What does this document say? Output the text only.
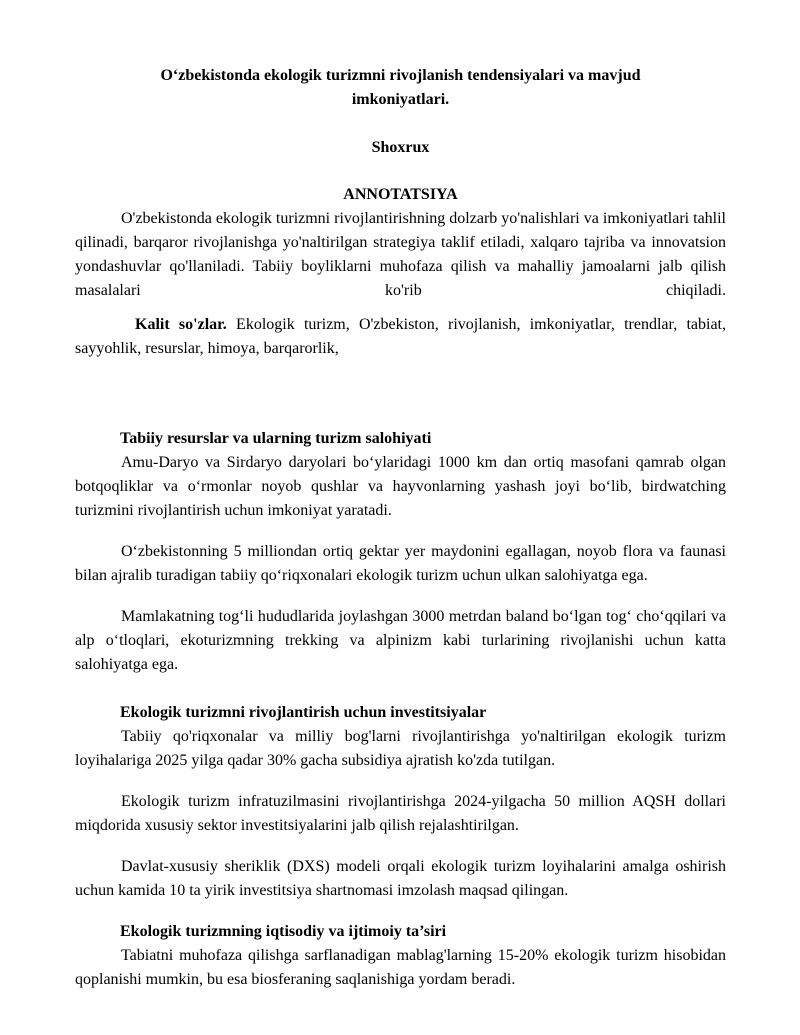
O‘zbekistonda ekologik turizmni rivojlanish tendensiyalari va mavjud imkoniyatlari.
Shoxrux
ANNOTATSIYA

O'zbekistonda ekologik turizmni rivojlantirishning dolzarb yo'nalishlari va imkoniyatlari tahlil qilinadi, barqaror rivojlanishga yo'naltirilgan strategiya taklif etiladi, xalqaro tajriba va innovatsion yondashuvlar qo'llaniladi. Tabiiy boyliklarni muhofaza qilish va mahalliy jamoalarni jalb qilish masalalari ko'rib chiqiladi.

Kalit so'zlar. Ekologik turizm, O'zbekiston, rivojlanish, imkoniyatlar, trendlar, tabiat, sayyohlik, resurslar, himoya, barqarorlik,

Tabiiy resurslar va ularning turizm salohiyati

Amu-Daryo va Sirdaryo daryolari bo‘ylaridagi 1000 km dan ortiq masofani qamrab olgan botqoqliklar va o‘rmonlar noyob qushlar va hayvonlarning yashash joyi bo‘lib, birdwatching turizmini rivojlantirish uchun imkoniyat yaratadi.

O‘zbekistonning 5 milliondan ortiq gektar yer maydonini egallagan, noyob flora va faunasi bilan ajralib turadigan tabiiy qo‘riqxonalari ekologik turizm uchun ulkan salohiyatga ega.

Mamlakatning tog‘li hududlarida joylashgan 3000 metrdan baland bo‘lgan tog‘ cho‘qqilari va alp o‘tloqlari, ekoturizmning trekking va alpinizm kabi turlarining rivojlanishi uchun katta salohiyatga ega.

Ekologik turizmni rivojlantirish uchun investitsiyalar

Tabiiy qo'riqxonalar va milliy bog'larni rivojlantirishga yo'naltirilgan ekologik turizm loyihalariga 2025 yilga qadar 30% gacha subsidiya ajratish ko'zda tutilgan.

Ekologik turizm infratuzilmasini rivojlantirishga 2024-yilgacha 50 million AQSH dollari miqdorida xususiy sektor investitsiyalarini jalb qilish rejalashtirilgan.

Davlat-xususiy sheriklik (DXS) modeli orqali ekologik turizm loyihalarini amalga oshirish uchun kamida 10 ta yirik investitsiya shartnomasi imzolash maqsad qilingan.

Ekologik turizmning iqtisodiy va ijtimoiy ta’siri

Tabiatni muhofaza qilishga sarflanadigan mablag'larning 15-20% ekologik turizm hisobidan qoplanishi mumkin, bu esa biosferaning saqlanishiga yordam beradi.
